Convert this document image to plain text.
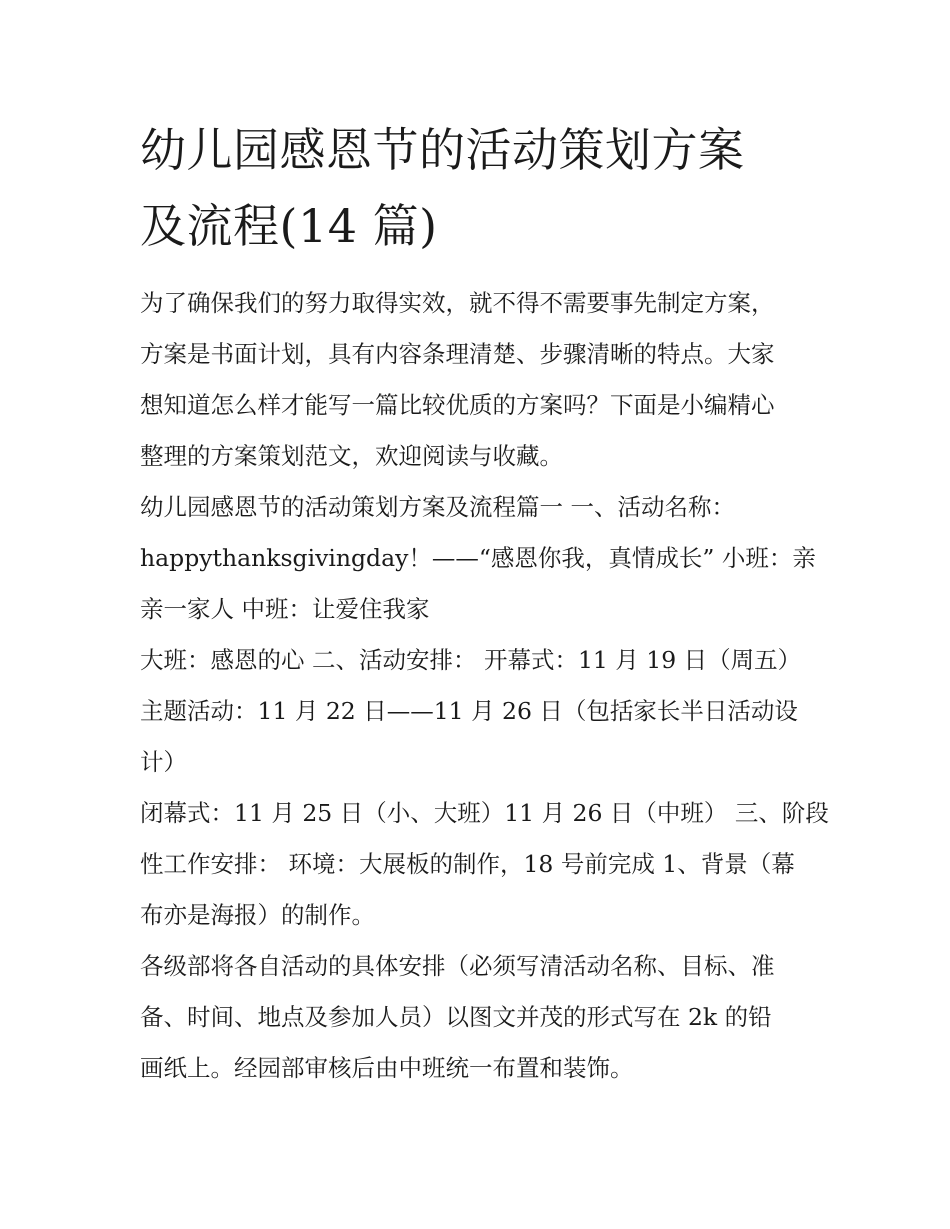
幼儿园感恩节的活动策划方案
及流程(14 篇)

为了确保我们的努力取得实效，就不得不需要事先制定方案，
方案是书面计划，具有内容条理清楚、步骤清晰的特点。大家
想知道怎么样才能写一篇比较优质的方案吗？下面是小编精心
整理的方案策划范文，欢迎阅读与收藏。

幼儿园感恩节的活动策划方案及流程篇一 一、活动名称：
happythanksgivingday！——“感恩你我，真情成长” 小班：亲
亲一家人 中班：让爱住我家

大班：感恩的心 二、活动安排： 开幕式：11 月 19 日（周五）
主题活动：11 月 22 日——11 月 26 日（包括家长半日活动设
计）

闭幕式：11 月 25 日（小、大班）11 月 26 日（中班） 三、阶段
性工作安排： 环境：大展板的制作，18 号前完成 1、背景（幕
布亦是海报）的制作。

各级部将各自活动的具体安排（必须写清活动名称、目标、准
备、时间、地点及参加人员）以图文并茂的形式写在 2k 的铅
画纸上。经园部审核后由中班统一布置和装饰。
